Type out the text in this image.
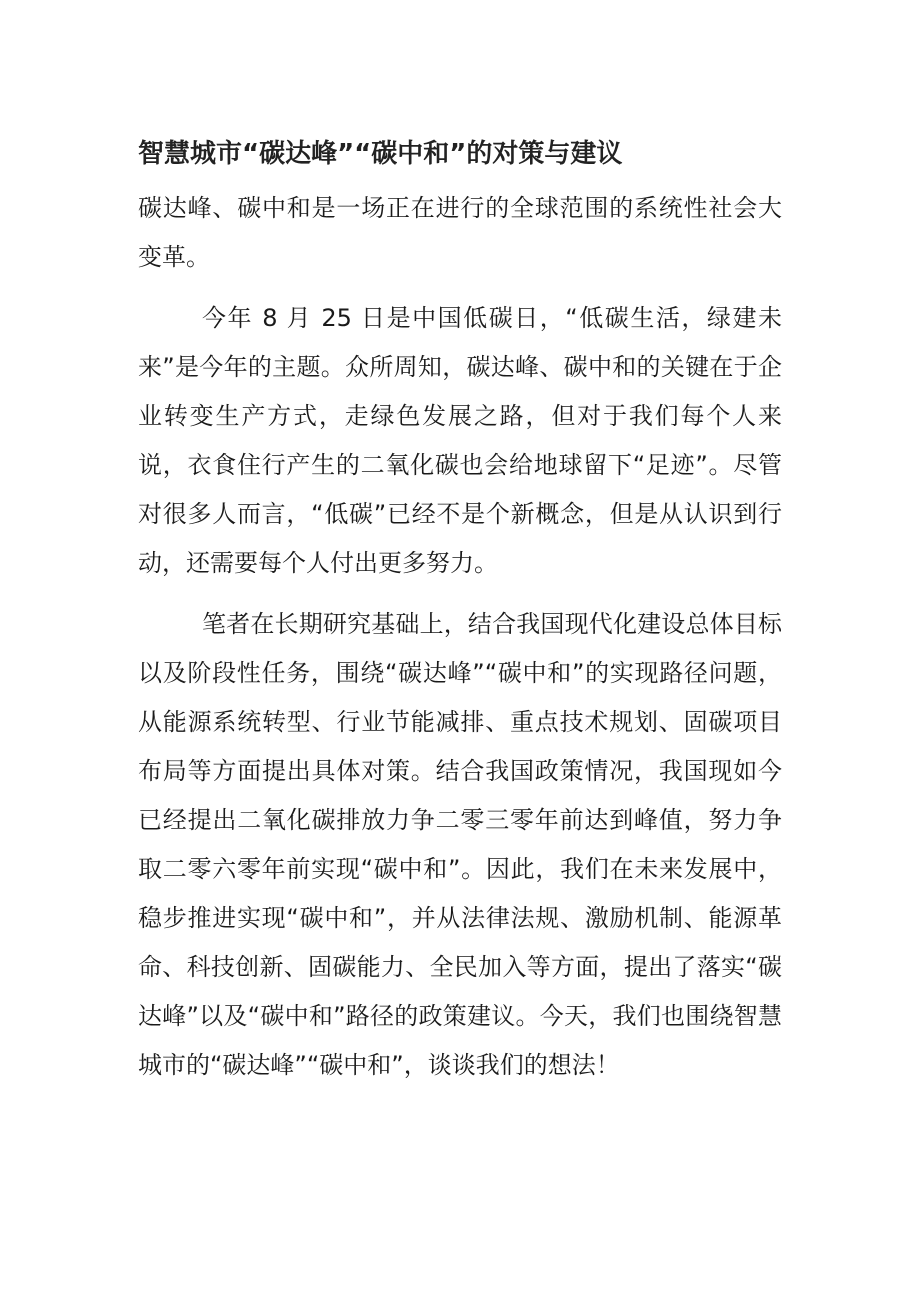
智慧城市“碳达峰”“碳中和”的对策与建议

碳达峰、碳中和是一场正在进行的全球范围的系统性社会大变革。

今年 8 月 25 日是中国低碳日，“低碳生活，绿建未来”是今年的主题。众所周知，碳达峰、碳中和的关键在于企业转变生产方式，走绿色发展之路，但对于我们每个人来说，衣食住行产生的二氧化碳也会给地球留下“足迹”。尽管对很多人而言，“低碳”已经不是个新概念，但是从认识到行动，还需要每个人付出更多努力。

笔者在长期研究基础上，结合我国现代化建设总体目标以及阶段性任务，围绕“碳达峰”“碳中和”的实现路径问题，从能源系统转型、行业节能减排、重点技术规划、固碳项目布局等方面提出具体对策。结合我国政策情况，我国现如今已经提出二氧化碳排放力争二零三零年前达到峰值，努力争取二零六零年前实现“碳中和”。因此，我们在未来发展中，稳步推进实现“碳中和”，并从法律法规、激励机制、能源革命、科技创新、固碳能力、全民加入等方面，提出了落实“碳达峰”以及“碳中和”路径的政策建议。今天，我们也围绕智慧城市的“碳达峰”“碳中和”，谈谈我们的想法！
